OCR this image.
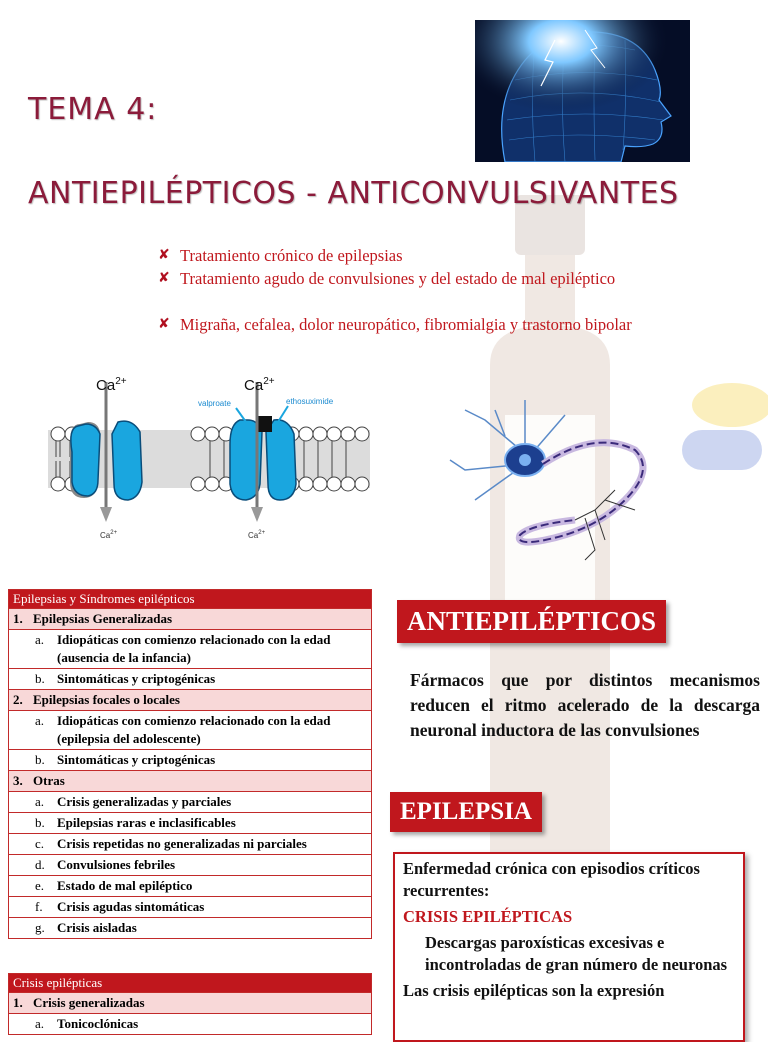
TEMA 4:
ANTIEPILÉPTICOS - ANTICONVULSIVANTES
✘ Tratamiento crónico de epilepsias
✘ Tratamiento agudo de convulsiones y del estado de mal epiléptico
✘ Migraña, cefalea, dolor neuropático, fibromialgia y trastorno bipolar
$Ca^{2+}$	$Ca^{2+}$
valproate	ethosuximide
$Ca^{2+}$	$Ca^{2+}$
Epilepsias y Síndromes epilépticos
1. Epilepsias Generalizadas
a. Idiopáticas con comienzo relacionado con la edad (ausencia de la infancia)
b. Sintomáticas y criptogénicas
2. Epilepsias focales o locales
a. Idiopáticas con comienzo relacionado con la edad (epilepsia del adolescente)
b. Sintomáticas y criptogénicas
3. Otras
a. Crisis generalizadas y parciales
b. Epilepsias raras e inclasificables
c. Crisis repetidas no generalizadas ni parciales
d. Convulsiones febriles
e. Estado de mal epiléptico
f.	Crisis agudas sintomáticas
g. Crisis aisladas
Crisis epilépticas
1. Crisis generalizadas
a. Tonicoclónicas
ANTIEPILÉPTICOS
Fármacos que por distintos mecanismos reducen el ritmo acelerado de la descarga neuronal inductora de las convulsiones
EPILEPSIA

Enfermedad crónica con episodios críticos recurrentes:

CRISIS EPILÉPTICAS

Descargas paroxísticas excesivas e incontroladas de gran número de neuronas

Las crisis epilépticas son la expresión
